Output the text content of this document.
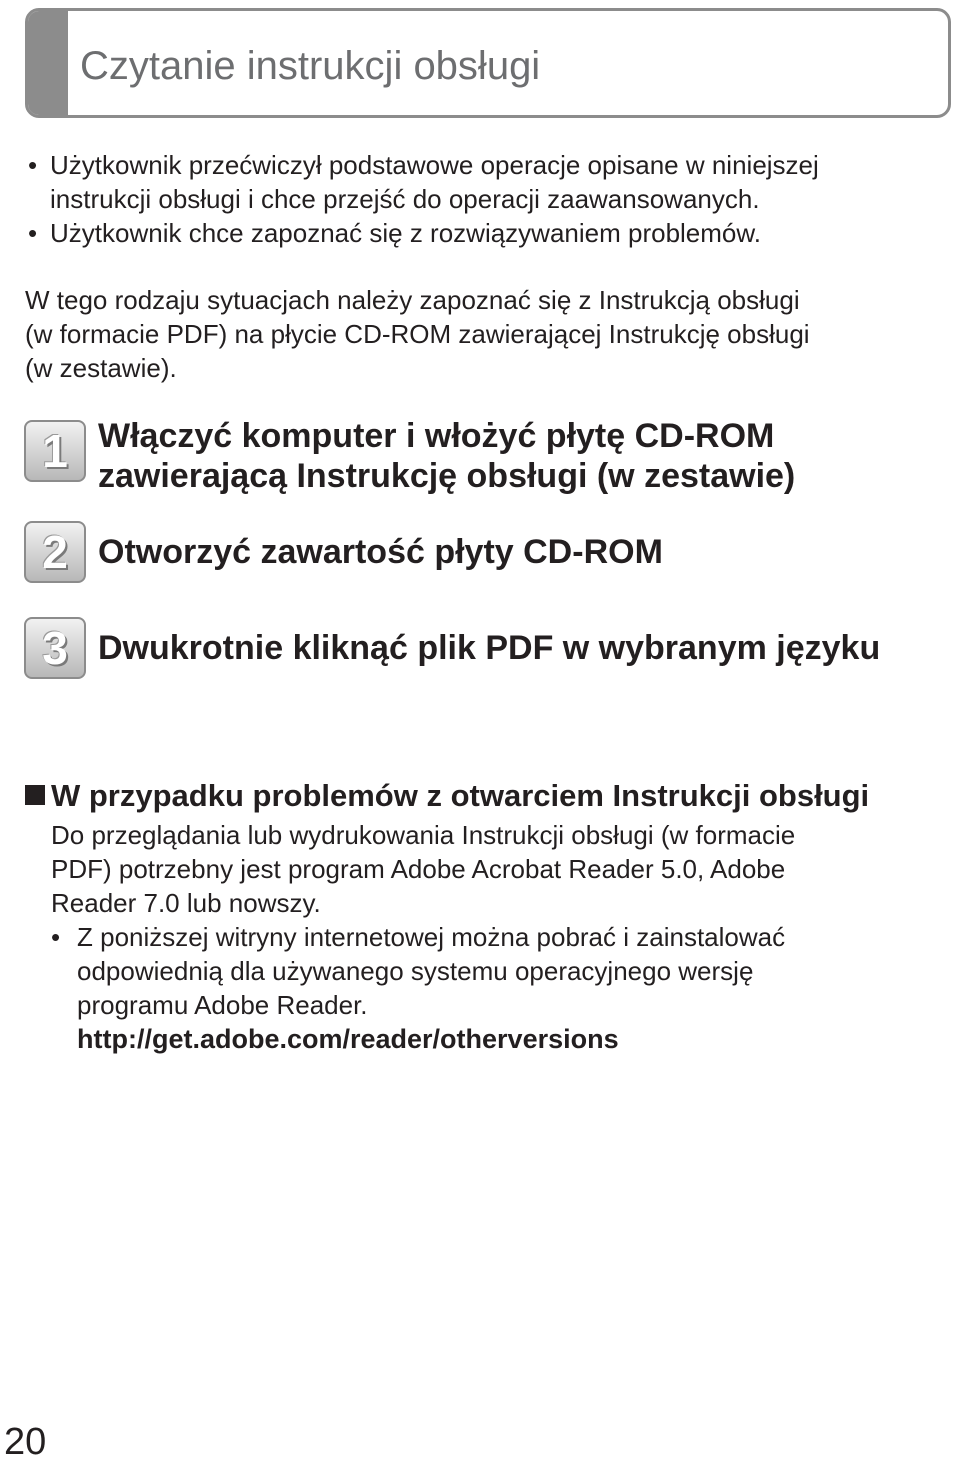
Czytanie instrukcji obsługi
• Użytkownik przećwiczył podstawowe operacje opisane w niniejszej
instrukcji obsługi i chce przejść do operacji zaawansowanych.
• Użytkownik chce zapoznać się z rozwiązywaniem problemów.
W tego rodzaju sytuacjach należy zapoznać się z Instrukcją obsługi
(w formacie PDF) na płycie CD-ROM zawierającej Instrukcję obsługi
(w zestawie).
1 Włączyć komputer i włożyć płytę CD-ROM
zawierającą Instrukcję obsługi (w zestawie)
2 Otworzyć zawartość płyty CD-ROM
3 Dwukrotnie kliknąć plik PDF w wybranym języku
W przypadku problemów z otwarciem Instrukcji obsługi
Do przeglądania lub wydrukowania Instrukcji obsługi (w formacie
PDF) potrzebny jest program Adobe Acrobat Reader 5.0, Adobe
Reader 7.0 lub nowszy.
• Z poniższej witryny internetowej można pobrać i zainstalować
odpowiednią dla używanego systemu operacyjnego wersję
programu Adobe Reader.
http://get.adobe.com/reader/otherversions
20
